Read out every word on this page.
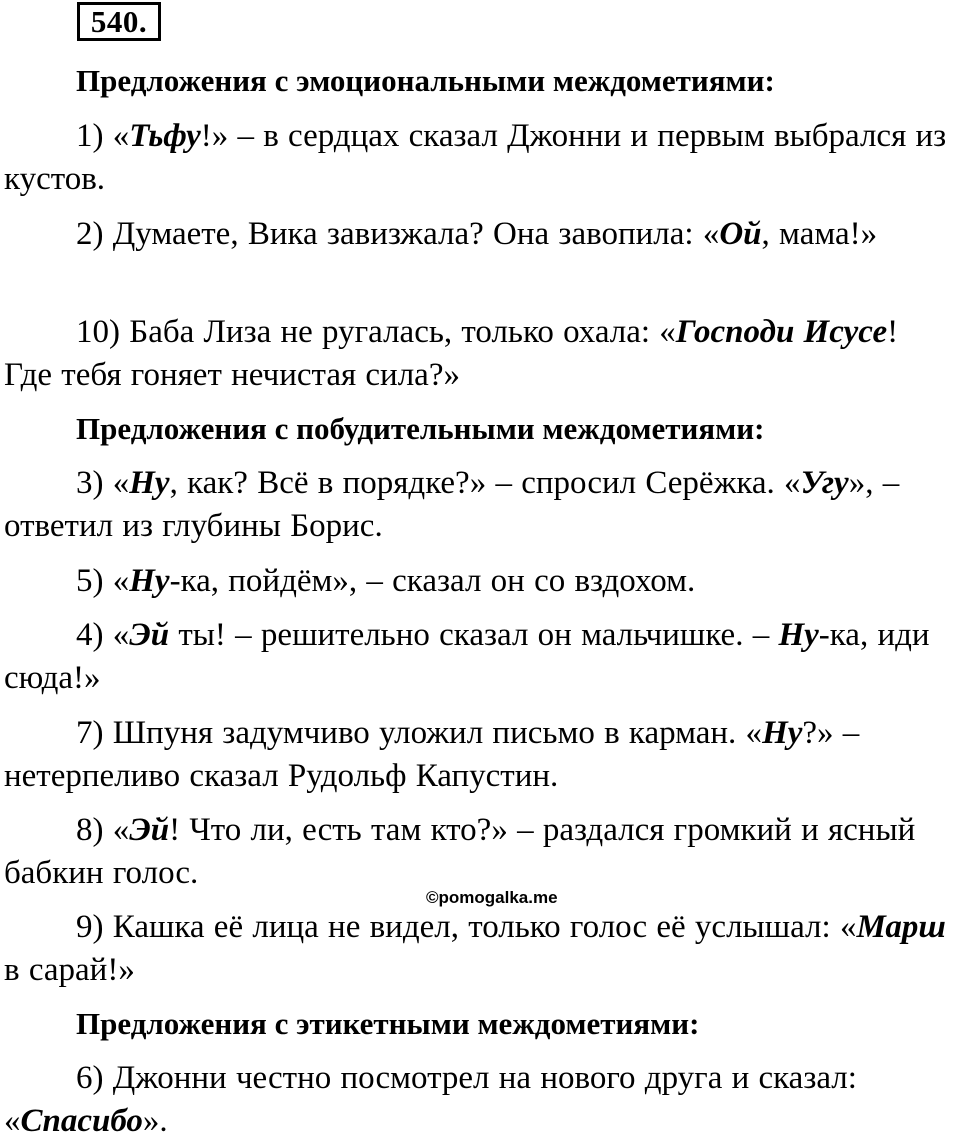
540.
Предложения с эмоциональными междометиями:
1) «Тьфу!» – в сердцах сказал Джонни и первым выбрался из кустов.
2) Думаете, Вика завизжала? Она завопила: «Ой, мама!»
10) Баба Лиза не ругалась, только охала: «Господи Исусе! Где тебя гоняет нечистая сила?»
Предложения с побудительными междометиями:
3) «Ну, как? Всё в порядке?» – спросил Серёжка. «Угу», – ответил из глубины Борис.
5) «Ну-ка, пойдём», – сказал он со вздохом.
4) «Эй ты! – решительно сказал он мальчишке. – Ну-ка, иди сюда!»
7) Шпуня задумчиво уложил письмо в карман. «Ну?» – нетерпеливо сказал Рудольф Капустин.
8) «Эй! Что ли, есть там кто?» – раздался громкий и ясный бабкин голос.
©pomogalka.me
9) Кашка её лица не видел, только голос её услышал: «Марш в сарай!»
Предложения с этикетными междометиями:
6) Джонни честно посмотрел на нового друга и сказал: «Спасибо».
